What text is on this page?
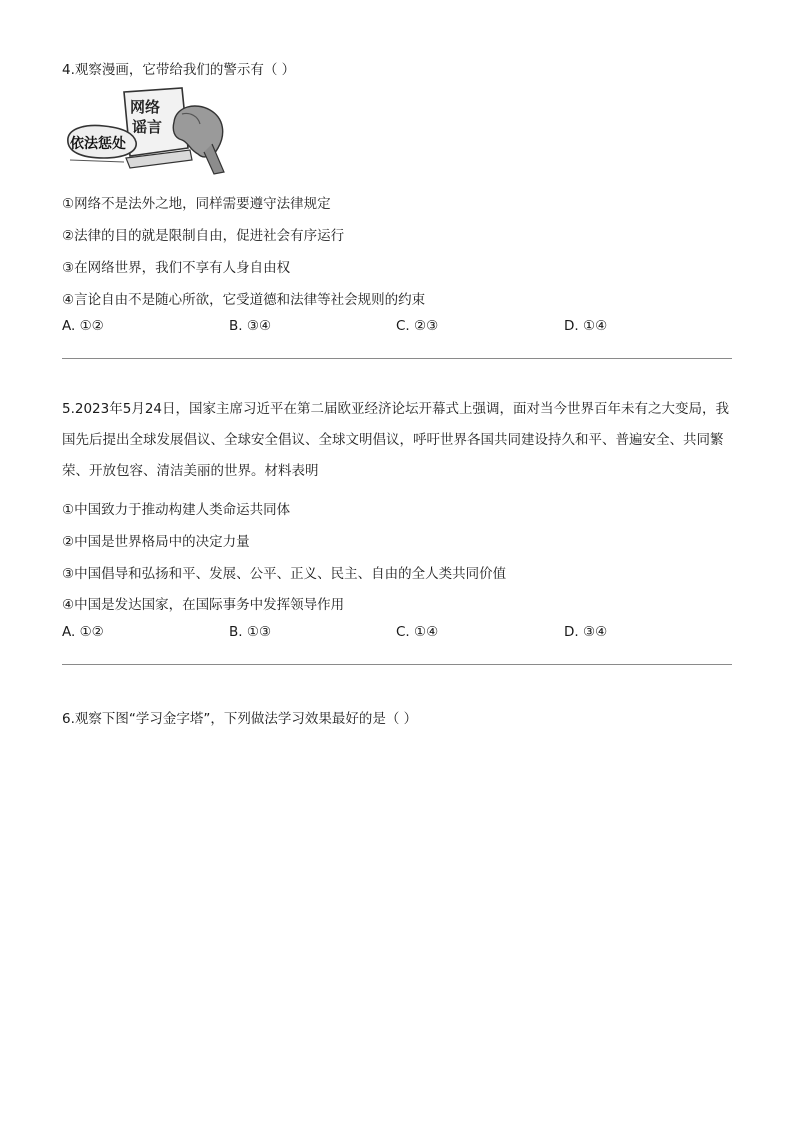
4.观察漫画，它带给我们的警示有（ ）
网络
谣言
依法惩处
①网络不是法外之地，同样需要遵守法律规定
②法律的目的就是限制自由，促进社会有序运行
③在网络世界，我们不享有人身自由权
④言论自由不是随心所欲，它受道德和法律等社会规则的约束
A. ①②	B. ③④	C. ②③	D. ①④
5.2023年5月24日，国家主席习近平在第二届欧亚经济论坛开幕式上强调，面对当今世界百年未有之大变局，我国先后提出全球发展倡议、全球安全倡议、全球文明倡议，呼吁世界各国共同建设持久和平、普遍安全、共同繁荣、开放包容、清洁美丽的世界。材料表明
①中国致力于推动构建人类命运共同体
②中国是世界格局中的决定力量
③中国倡导和弘扬和平、发展、公平、正义、民主、自由的全人类共同价值
④中国是发达国家，在国际事务中发挥领导作用
A. ①②	B. ①③	C. ①④	D. ③④
6.观察下图“学习金字塔”，下列做法学习效果最好的是（ ）
